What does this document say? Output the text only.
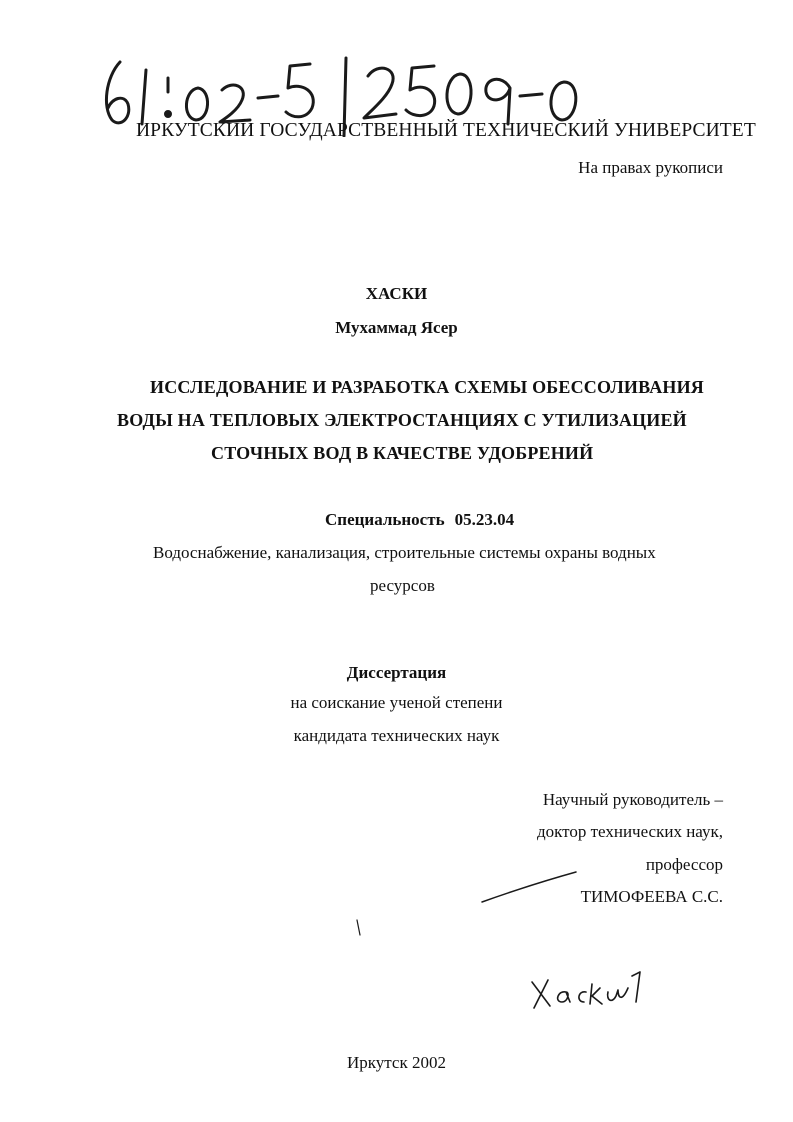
ИРКУТСКИЙ ГОСУДАРСТВЕННЫЙ ТЕХНИЧЕСКИЙ УНИВЕРСИТЕТ
На правах рукописи
ХАСКИ
Мухаммад Ясер
ИССЛЕДОВАНИЕ И РАЗРАБОТКА СХЕМЫ ОБЕССОЛИВАНИЯ
ВОДЫ НА ТЕПЛОВЫХ ЭЛЕКТРОСТАНЦИЯХ С УТИЛИЗАЦИЕЙ
СТОЧНЫХ ВОД В КАЧЕСТВЕ УДОБРЕНИЙ
Специальность 05.23.04
Водоснабжение, канализация, строительные системы охраны водных
ресурсов
Диссертация
на соискание ученой степени
кандидата технических наук
Научный руководитель –
доктор технических наук,
профессор
ТИМОФЕЕВА С.С.
Иркутск 2002
